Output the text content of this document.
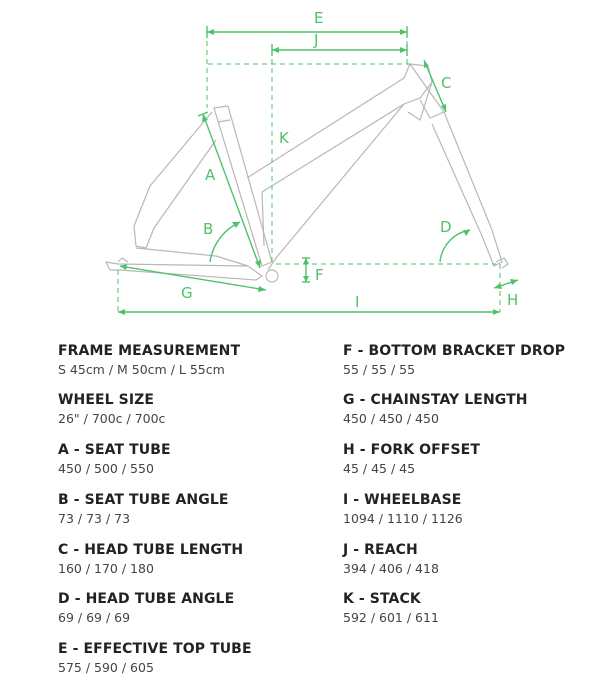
E
J
C
K
A
B	D
F
G	H
I
FRAME MEASUREMENT
S 45cm / M 50cm / L 55cm
WHEEL SIZE
26" / 700c / 700c
A - SEAT TUBE
450 / 500 / 550
B - SEAT TUBE ANGLE
73 / 73 / 73
C - HEAD TUBE LENGTH
160 / 170 / 180
D - HEAD TUBE ANGLE
69 / 69 / 69
E - EFFECTIVE TOP TUBE
575 / 590 / 605
F - BOTTOM BRACKET DROP
55 / 55 / 55
G - CHAINSTAY LENGTH
450 / 450 / 450
H - FORK OFFSET
45 / 45 / 45
I - WHEELBASE
1094 / 1110 / 1126
J - REACH
394 / 406 / 418
K - STACK
592 / 601 / 611
